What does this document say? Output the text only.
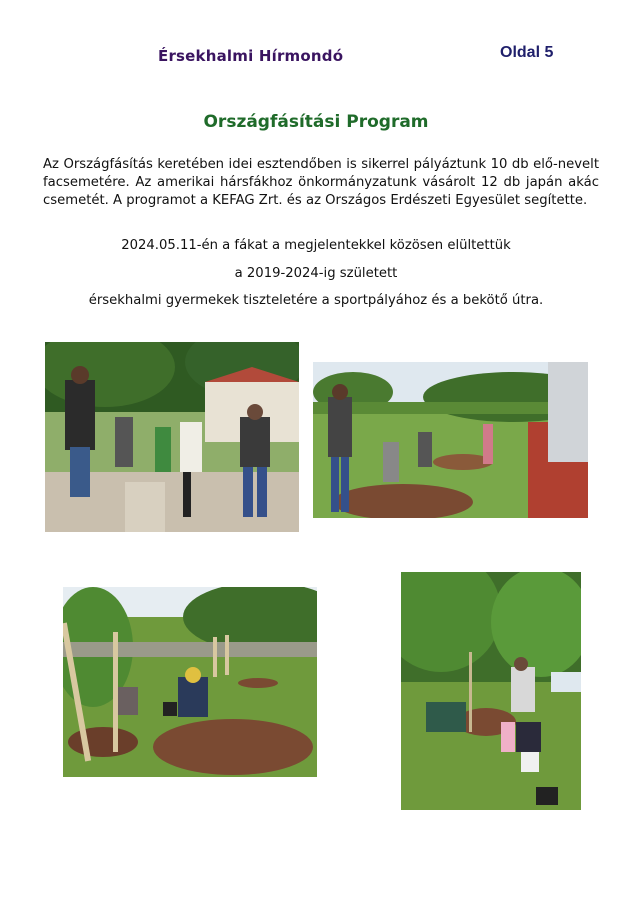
Érsekhalmi Hírmondó	Oldal 5
Országfásítási Program
Az Országfásítás keretében idei esztendőben is sikerrel pályáztunk 10 db elő-nevelt facsemetére. Az amerikai hársfákhoz önkormányzatunk vásárolt 12 db japán akác csemetét. A programot a KEFAG Zrt. és az Országos Erdészeti Egyesület segítette.
2024.05.11-én a fákat a megjelentekkel közösen elültettük
a 2019-2024-ig született
érsekhalmi gyermekek tiszteletére a sportpályához és a bekötő útra.
